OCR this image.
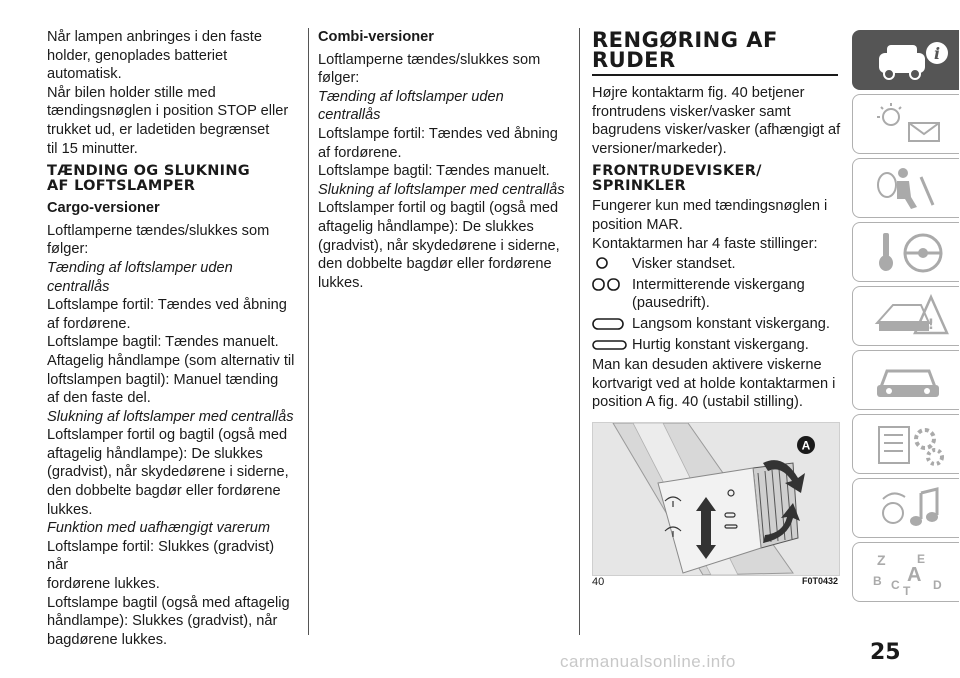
Når lampen anbringes i den faste

holder, genoplades batteriet

automatisk.

Når bilen holder stille med

tændingsnøglen i position STOP eller

trukket ud, er ladetiden begrænset

til 15 minutter.

TÆNDING OG SLUKNING
AF LOFTSLAMPER
Cargo-versioner

Loftlamperne tændes/slukkes som

følger:

Tænding af loftslamper uden centrallås

Loftslampe fortil: Tændes ved åbning

af fordørene.

Loftslampe bagtil: Tændes manuelt.

Aftagelig håndlampe (som alternativ til

loftslampen bagtil): Manuel tænding

af den faste del.

Slukning af loftslamper med centrallås

Loftslamper fortil og bagtil (også med

aftagelig håndlampe): De slukkes

(gradvist), når skydedørene i siderne,

den dobbelte bagdør eller fordørene

lukkes.

Funktion med uafhængigt varerum

Loftslampe fortil: Slukkes (gradvist) når

fordørene lukkes.

Loftslampe bagtil (også med aftagelig

håndlampe): Slukkes (gradvist), når

bagdørene lukkes.

Combi-versioner

Loftlamperne tændes/slukkes som

følger:

Tænding af loftslamper uden centrallås

Loftslampe fortil: Tændes ved åbning

af fordørene.

Loftslampe bagtil: Tændes manuelt.

Slukning af loftslamper med centrallås

Loftslamper fortil og bagtil (også med

aftagelig håndlampe): De slukkes

(gradvist), når skydedørene i siderne,

den dobbelte bagdør eller fordørene

lukkes.

RENGØRING AF
RUDER

Højre kontaktarm fig. 40 betjener

frontrudens visker/vasker samt

bagrudens visker/vasker (afhængigt af

versioner/markeder).

FRONTRUDEVISKER/
SPRINKLER

Fungerer kun med tændingsnøglen i

position MAR.

Kontaktarmen har 4 faste stillinger:

Visker standset.
Intermitterende viskergang
(pausedrift).
Langsom konstant viskergang.
Hurtig konstant viskergang.

Man kan desuden aktivere viskerne

kortvarigt ved at holde kontaktarmen i

position A fig. 40 (ustabil stilling).

A
40	F0T0432
i
!
Z	E
B A
C	D
T
25
carmanualsonline.info
